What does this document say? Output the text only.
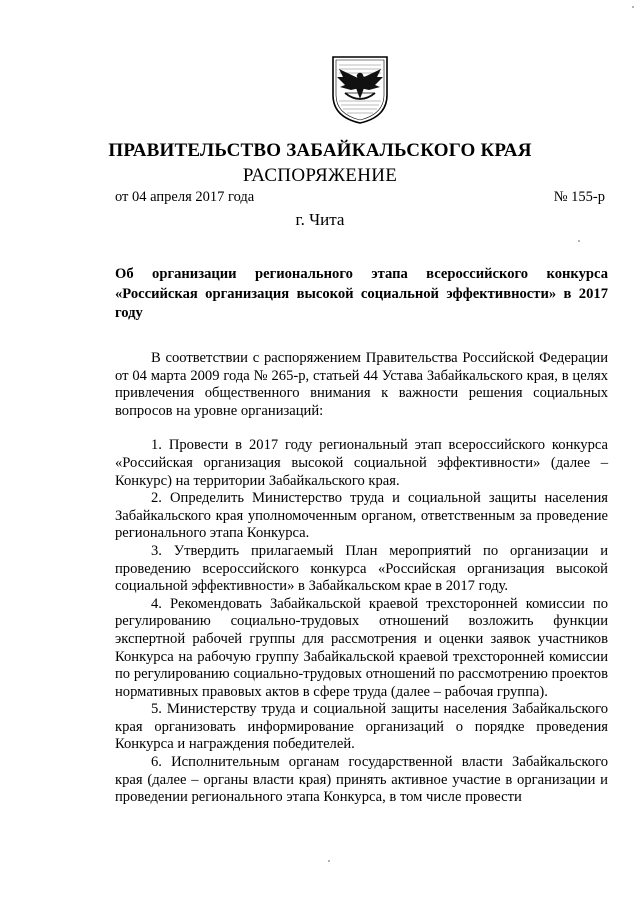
ПРАВИТЕЛЬСТВО ЗАБАЙКАЛЬСКОГО КРАЯ
РАСПОРЯЖЕНИЕ
от 04 апреля 2017 года	№ 155-р
г. Чита
Об организации регионального этапа всероссийского конкурса «Российская организация высокой социальной эффективности» в 2017 году

В соответствии с распоряжением Правительства Российской Федерации от 04 марта 2009 года № 265-р, статьей 44 Устава Забайкальского края, в целях привлечения общественного внимания к важности решения социальных вопросов на уровне организаций:

1. Провести в 2017 году региональный этап всероссийского конкурса «Российская организация высокой социальной эффективности» (далее – Конкурс) на территории Забайкальского края.

2. Определить Министерство труда и социальной защиты населения Забайкальского края уполномоченным органом, ответственным за проведение регионального этапа Конкурса.

3. Утвердить прилагаемый План мероприятий по организации и проведению всероссийского конкурса «Российская организация высокой социальной эффективности» в Забайкальском крае в 2017 году.

4. Рекомендовать Забайкальской краевой трехсторонней комиссии по регулированию социально-трудовых отношений возложить функции экспертной рабочей группы для рассмотрения и оценки заявок участников Конкурса на рабочую группу Забайкальской краевой трехсторонней комиссии по регулированию социально-трудовых отношений по рассмотрению проектов нормативных правовых актов в сфере труда (далее – рабочая группа).

5. Министерству труда и социальной защиты населения Забайкальского края организовать информирование организаций о порядке проведения Конкурса и награждения победителей.

6. Исполнительным органам государственной власти Забайкальского края (далее – органы власти края) принять активное участие в организации и проведении регионального этапа Конкурса, в том числе провести
